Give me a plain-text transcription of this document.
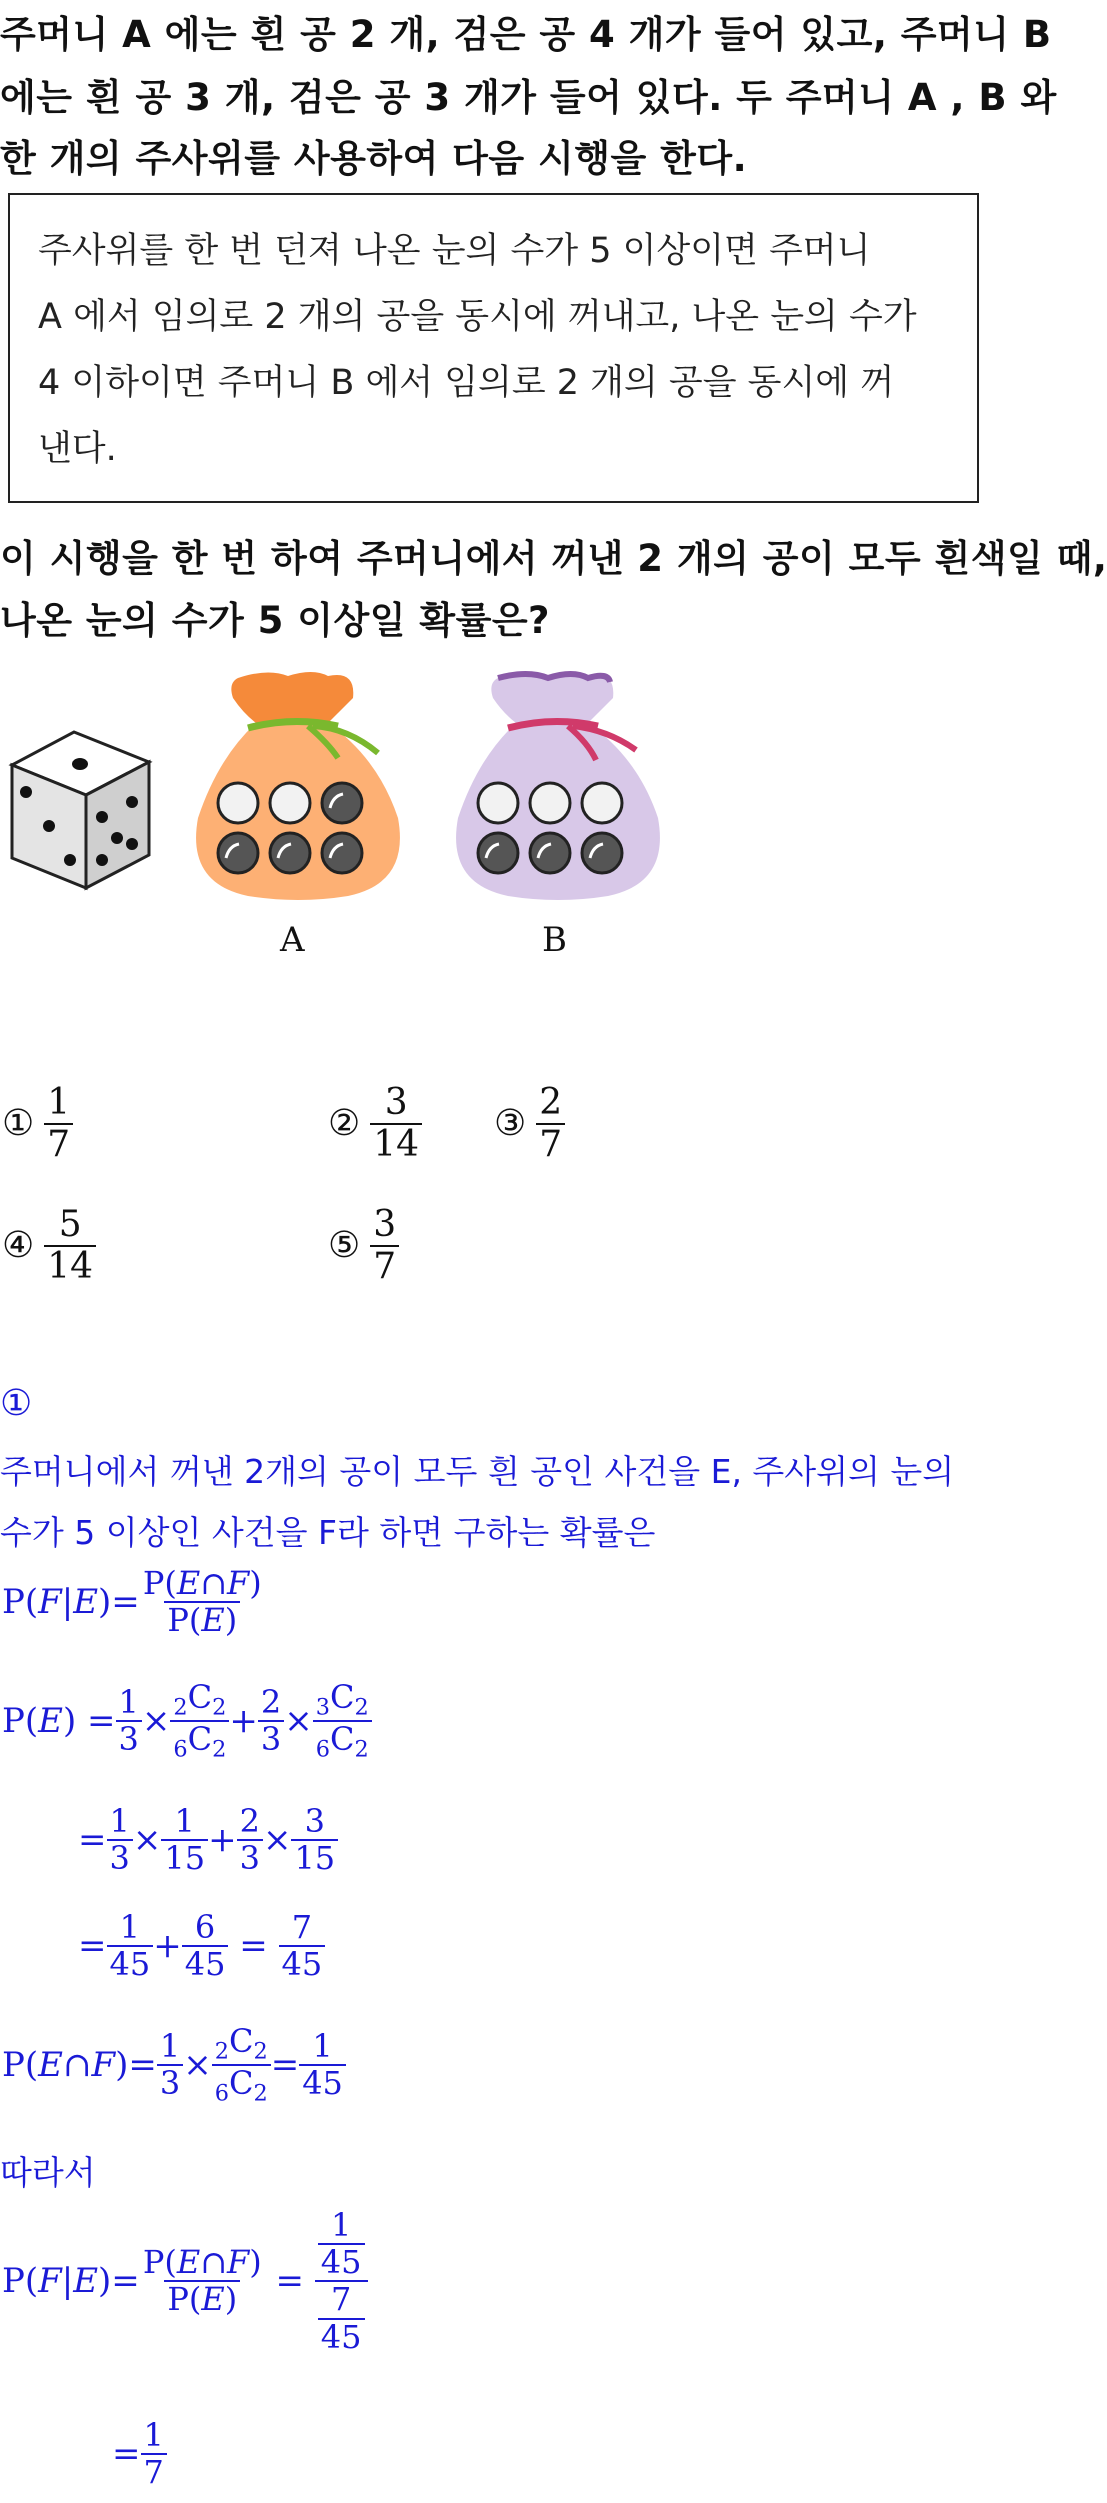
주머니 A 에는 흰 공 2 개, 검은 공 4 개가 들어 있고, 주머니 B
에는 흰 공 3 개, 검은 공 3 개가 들어 있다. 두 주머니 A , B 와
한 개의 주사위를 사용하여 다음 시행을 한다.
주사위를 한 번 던져 나온 눈의 수가 5 이상이면 주머니
A 에서 임의로 2 개의 공을 동시에 꺼내고, 나온 눈의 수가
4 이하이면 주머니 B 에서 임의로 2 개의 공을 동시에 꺼
낸다.
이 시행을 한 번 하여 주머니에서 꺼낸 2 개의 공이 모두 흰색일 때,
나온 눈의 수가 5 이상일 확률은?
A	B
① $\frac{1}{7}$	② $\frac{3}{14}$ ③ $\frac{2}{7}$
④ $\frac{5}{14}$	⑤ $\frac{3}{7}$
①
주머니에서 꺼낸 2개의 공이 모두 흰 공인 사건을 E, 주사위의 눈의
수가 5 이상인 사건을 F라 하면 구하는 확률은
$P(F|E)= \frac{P(E\cap F)}{P(E)}$
$P(E) = \frac{1}{3} \times \frac{_2C_2}{_6C_2} + \frac{2}{3} \times \frac{_3C_2}{_6C_2}$
= $\frac{1}{3} \times \frac{1}{15} + \frac{2}{3} \times \frac{3}{15}$
= $\frac{1}{45} + \frac{6}{45} = \frac{7}{45}$
P(E∩F)= $\frac{1}{3} \times \frac{_2C_2}{_6C_2} = \frac{1}{45}$
따라서
$P(F|E)= \frac{P(E\cap F)}{P(E)} = \frac{\frac{1}{45}}{\frac{7}{45}}$
= $\frac{1}{7}$
